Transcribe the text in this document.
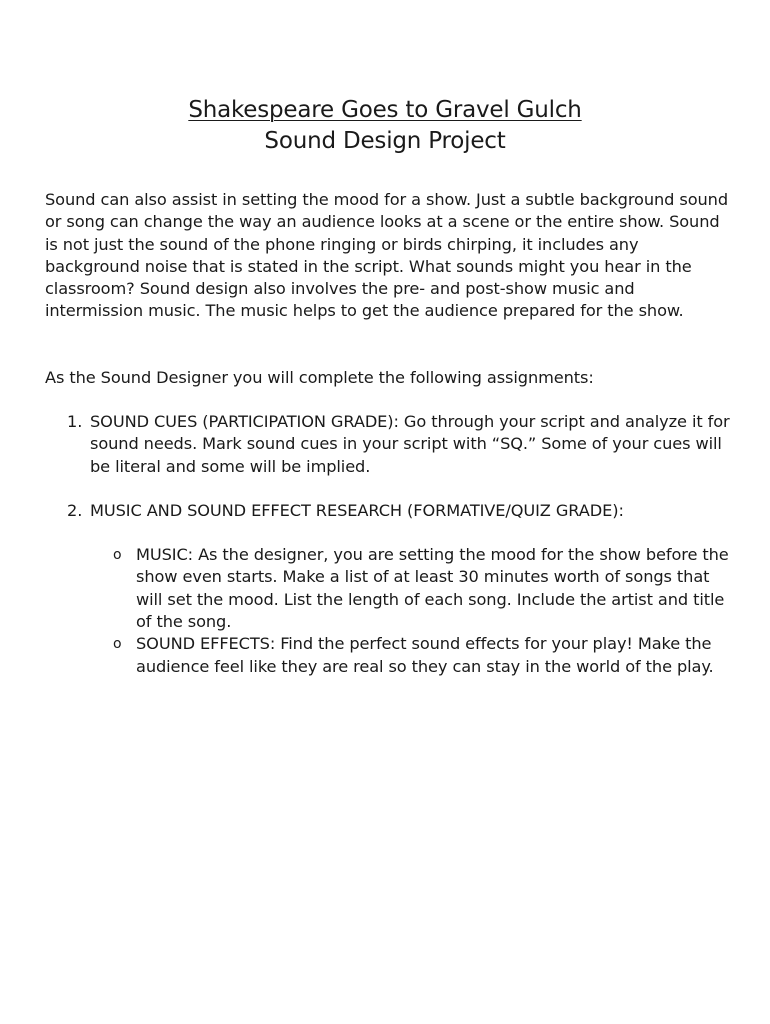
Shakespeare Goes to Gravel Gulch
Sound Design Project
Sound can also assist in setting the mood for a show. Just a subtle background sound or song can change the way an audience looks at a scene or the entire show. Sound is not just the sound of the phone ringing or birds chirping, it includes any background noise that is stated in the script. What sounds might you hear in the classroom? Sound design also involves the pre- and post-show music and intermission music. The music helps to get the audience prepared for the show.
As the Sound Designer you will complete the following assignments:
1. SOUND CUES (PARTICIPATION GRADE): Go through your script and analyze it for sound needs. Mark sound cues in your script with “SQ.” Some of your cues will be literal and some will be implied.
2. MUSIC AND SOUND EFFECT RESEARCH (FORMATIVE/QUIZ GRADE):
o MUSIC: As the designer, you are setting the mood for the show before the show even starts. Make a list of at least 30 minutes worth of songs that will set the mood. List the length of each song. Include the artist and title of the song.
o SOUND EFFECTS: Find the perfect sound effects for your play! Make the audience feel like they are real so they can stay in the world of the play.
